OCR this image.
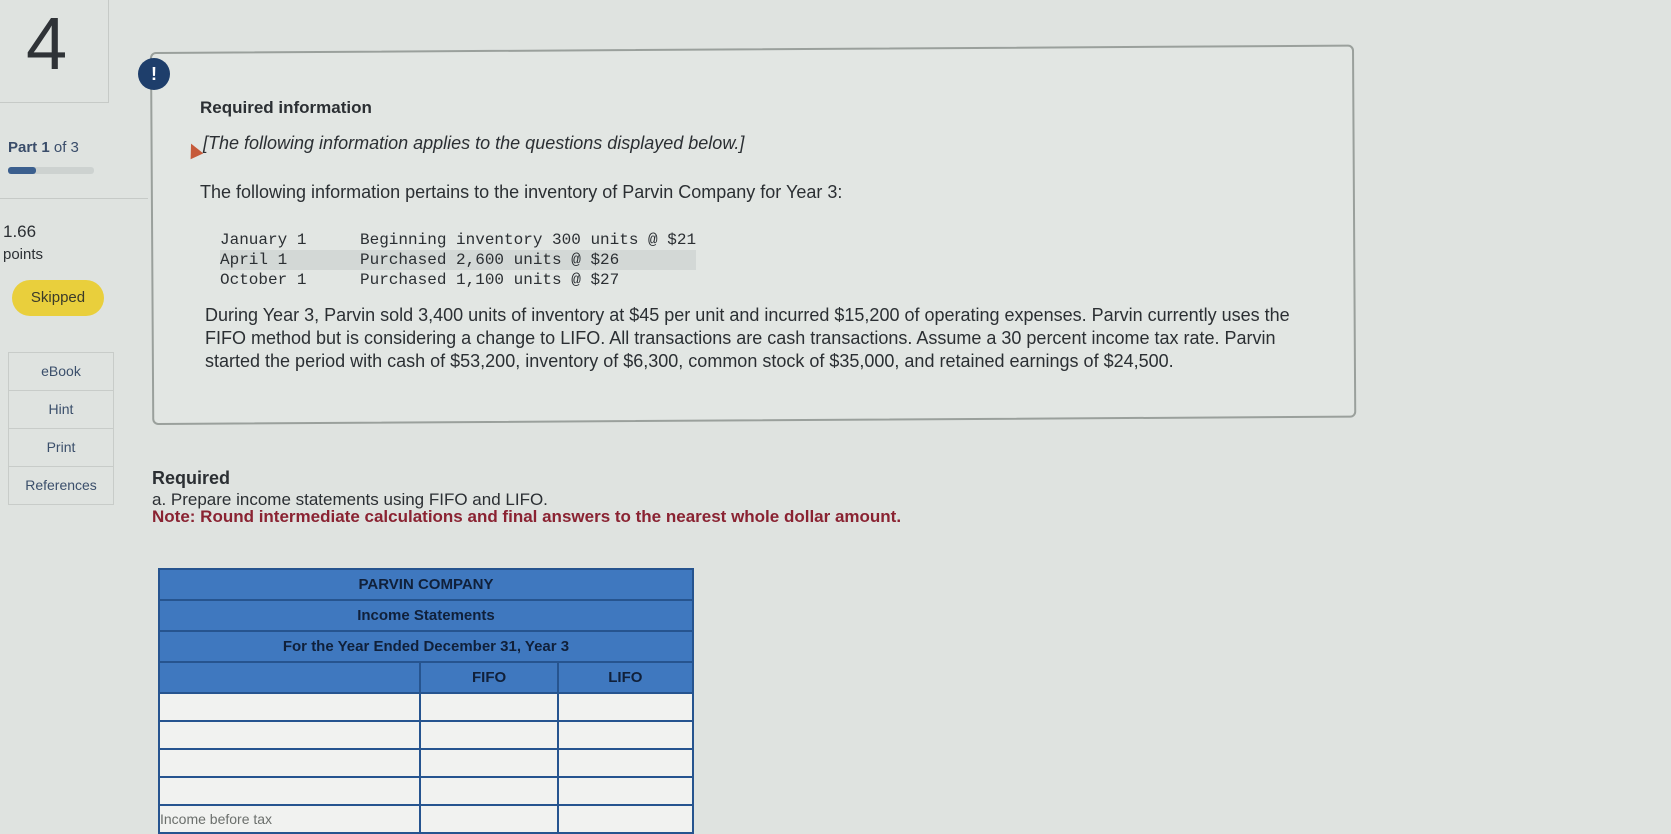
4
Part 1 of 3
1.66
points
Skipped
eBook
Hint
Print
References
!
Required information
[The following information applies to the questions displayed below.]
The following information pertains to the inventory of Parvin Company for Year 3:
January 1	Beginning inventory 300 units @ $21
April 1	Purchased 2,600 units @ $26
October 1	Purchased 1,100 units @ $27
During Year 3, Parvin sold 3,400 units of inventory at $45 per unit and incurred $15,200 of operating expenses. Parvin currently uses the FIFO method but is considering a change to LIFO. All transactions are cash transactions. Assume a 30 percent income tax rate. Parvin started the period with cash of $53,200, inventory of $6,300, common stock of $35,000, and retained earnings of $24,500.
Required
a. Prepare income statements using FIFO and LIFO.
Note: Round intermediate calculations and final answers to the nearest whole dollar amount.
PARVIN COMPANY		
Income Statements		
For the Year Ended December 31, Year 3		
	FIFO	LIFO

Income before tax
